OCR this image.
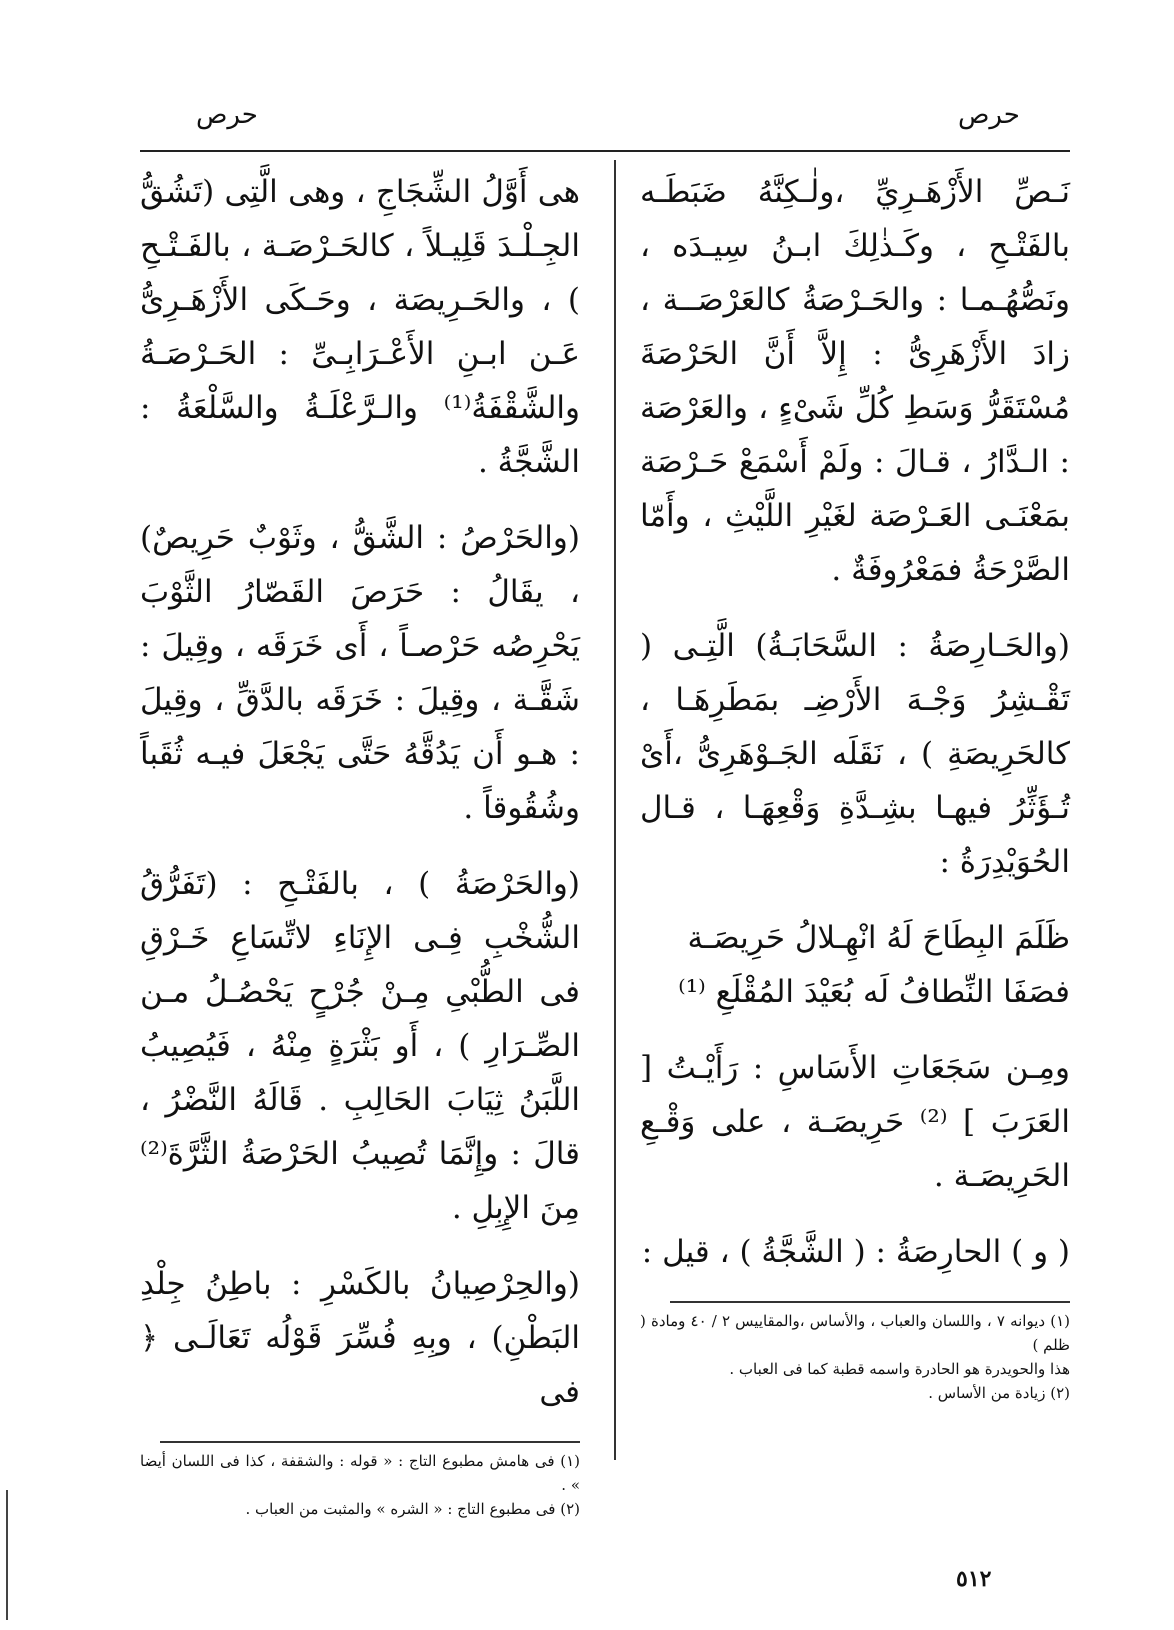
حرص
حرص

نَـصِّ الأَزْهَـرِيِّ ،ولٰـكِنَّهُ ضَبَطَـه بالفَتْـحِ ، وكَـذٰلِكَ ابـنُ سِيـدَه ، ونَصُّهُـمـا : والحَـرْصَةُ كالعَرْصَــة ، زادَ الأَزْهَرِىُّ : إِلاَّ أَنَّ الحَرْصَةَ مُسْتَقَرُّ وَسَطِ كُلِّ شَىْءٍ ، والعَرْصَة : الـدَّارُ ، قـالَ : ولَمْ أَسْمَعْ حَـرْصَة بمَعْنَـى العَـرْصَة لغَيْرِ اللَّيْثِ ، وأَمّا الصَّرْحَةُ فمَعْرُوفَةٌ .

(والحَـارِصَةُ : السَّحَابَـةُ) الَّتِـى ( تَقْـشِرُ وَجْـهَ الأَرْضِـ بمَطَرِهَـا ، كالحَرِيصَةِ ) ، نَقَلَه الجَـوْهَرِىُّ ،أَىْ تُـؤَثِّرُ فيهـا بشِـدَّةِ وَقْعِهَـا ، قـال الحُوَيْدِرَةُ :

ظَلَمَ البِطَاحَ لَهُ انْهِـلالُ حَرِيصَـة

فصَفَا النِّطافُ لَه بُعَيْدَ المُقْلَعِ ⁽¹⁾

ومِـن سَجَعَاتِ الأَسَاسِ : رَأَيْـتُ [ العَرَبَ ] ⁽²⁾ حَرِيصَـة ، على وَقْـعِ الحَرِيصَـة .

( و ) الحارِصَةُ : ( الشَّجَّةُ ) ، قيل :

(١) ديوانه ٧ ، واللسان والعباب ، والأساس ،والمقاييس ٢ / ٤٠ ومادة ( ظلم )

هذا والحويدرة هو الحادرة واسمه قطبة كما فى العباب .

(٢) زيادة من الأساس .

هى أَوَّلُ الشِّجَاجِ ، وهى الَّتِى (تَشُقُّ الجِـلْـدَ قَلِيـلاً ، كالحَـرْصَـة ، بالفَـتْـحِ ) ، والحَـرِيصَة ، وحَـكَى الأَزْهَـرِىُّ عَـن ابـنِ الأَعْـرَابِـىِّ : الحَـرْصَـةُ والشَّقْفَةُ⁽¹⁾ والـرَّعْلَـةُ والسَّلْعَةُ : الشَّجَّةُ .

(والحَرْصُ : الشَّقُّ ، وثَوْبٌ حَرِيصٌ) ، يقَالُ : حَرَصَ القَصّارُ الثَّوْبَ يَحْرِصُه حَرْصـاً ، أَى خَرَقَه ، وقِيلَ : شَقَّـة ، وقِيلَ : خَرَقَه بالدَّقِّ ، وقِيلَ : هـو أَن يَدُقَّهُ حَتَّى يَجْعَلَ فيـه ثُقَباً وشُقُوقاً .

(والحَرْصَةُ ) ، بالفَتْـحِ : (تَفَرُّقُ الشُّخْبِ فِـى الإِنَاءِ لاتِّسَاعِ خَـرْقِ فى الطُّبْىِ مِـنْ جُرْحٍ يَحْصُـلُ مـن الصِّـرَارِ ) ، أَو بَثْرَةٍ مِنْهُ ، فَيُصِيبُ اللَّبَنُ ثِيَابَ الحَالِبِ . قَالَهُ النَّضْرُ ، قالَ : وإِنَّمَا تُصِيبُ الحَرْصَةُ الثَّرَّةَ⁽²⁾ مِنَ الإِبِلِ .

(والحِرْصِيانُ بالكَسْرِ : باطِنُ جِلْدِ البَطْنِ) ، وبِهِ فُسِّرَ قَوْلُه تَعَالَـى ﴿ فى

(١) فى هامش مطبوع التاج : « قوله : والشقفة ، كذا فى اللسان أيضا » .

(٢) فى مطبوع التاج : « الشره » والمثبت من العباب .

٥١٢
